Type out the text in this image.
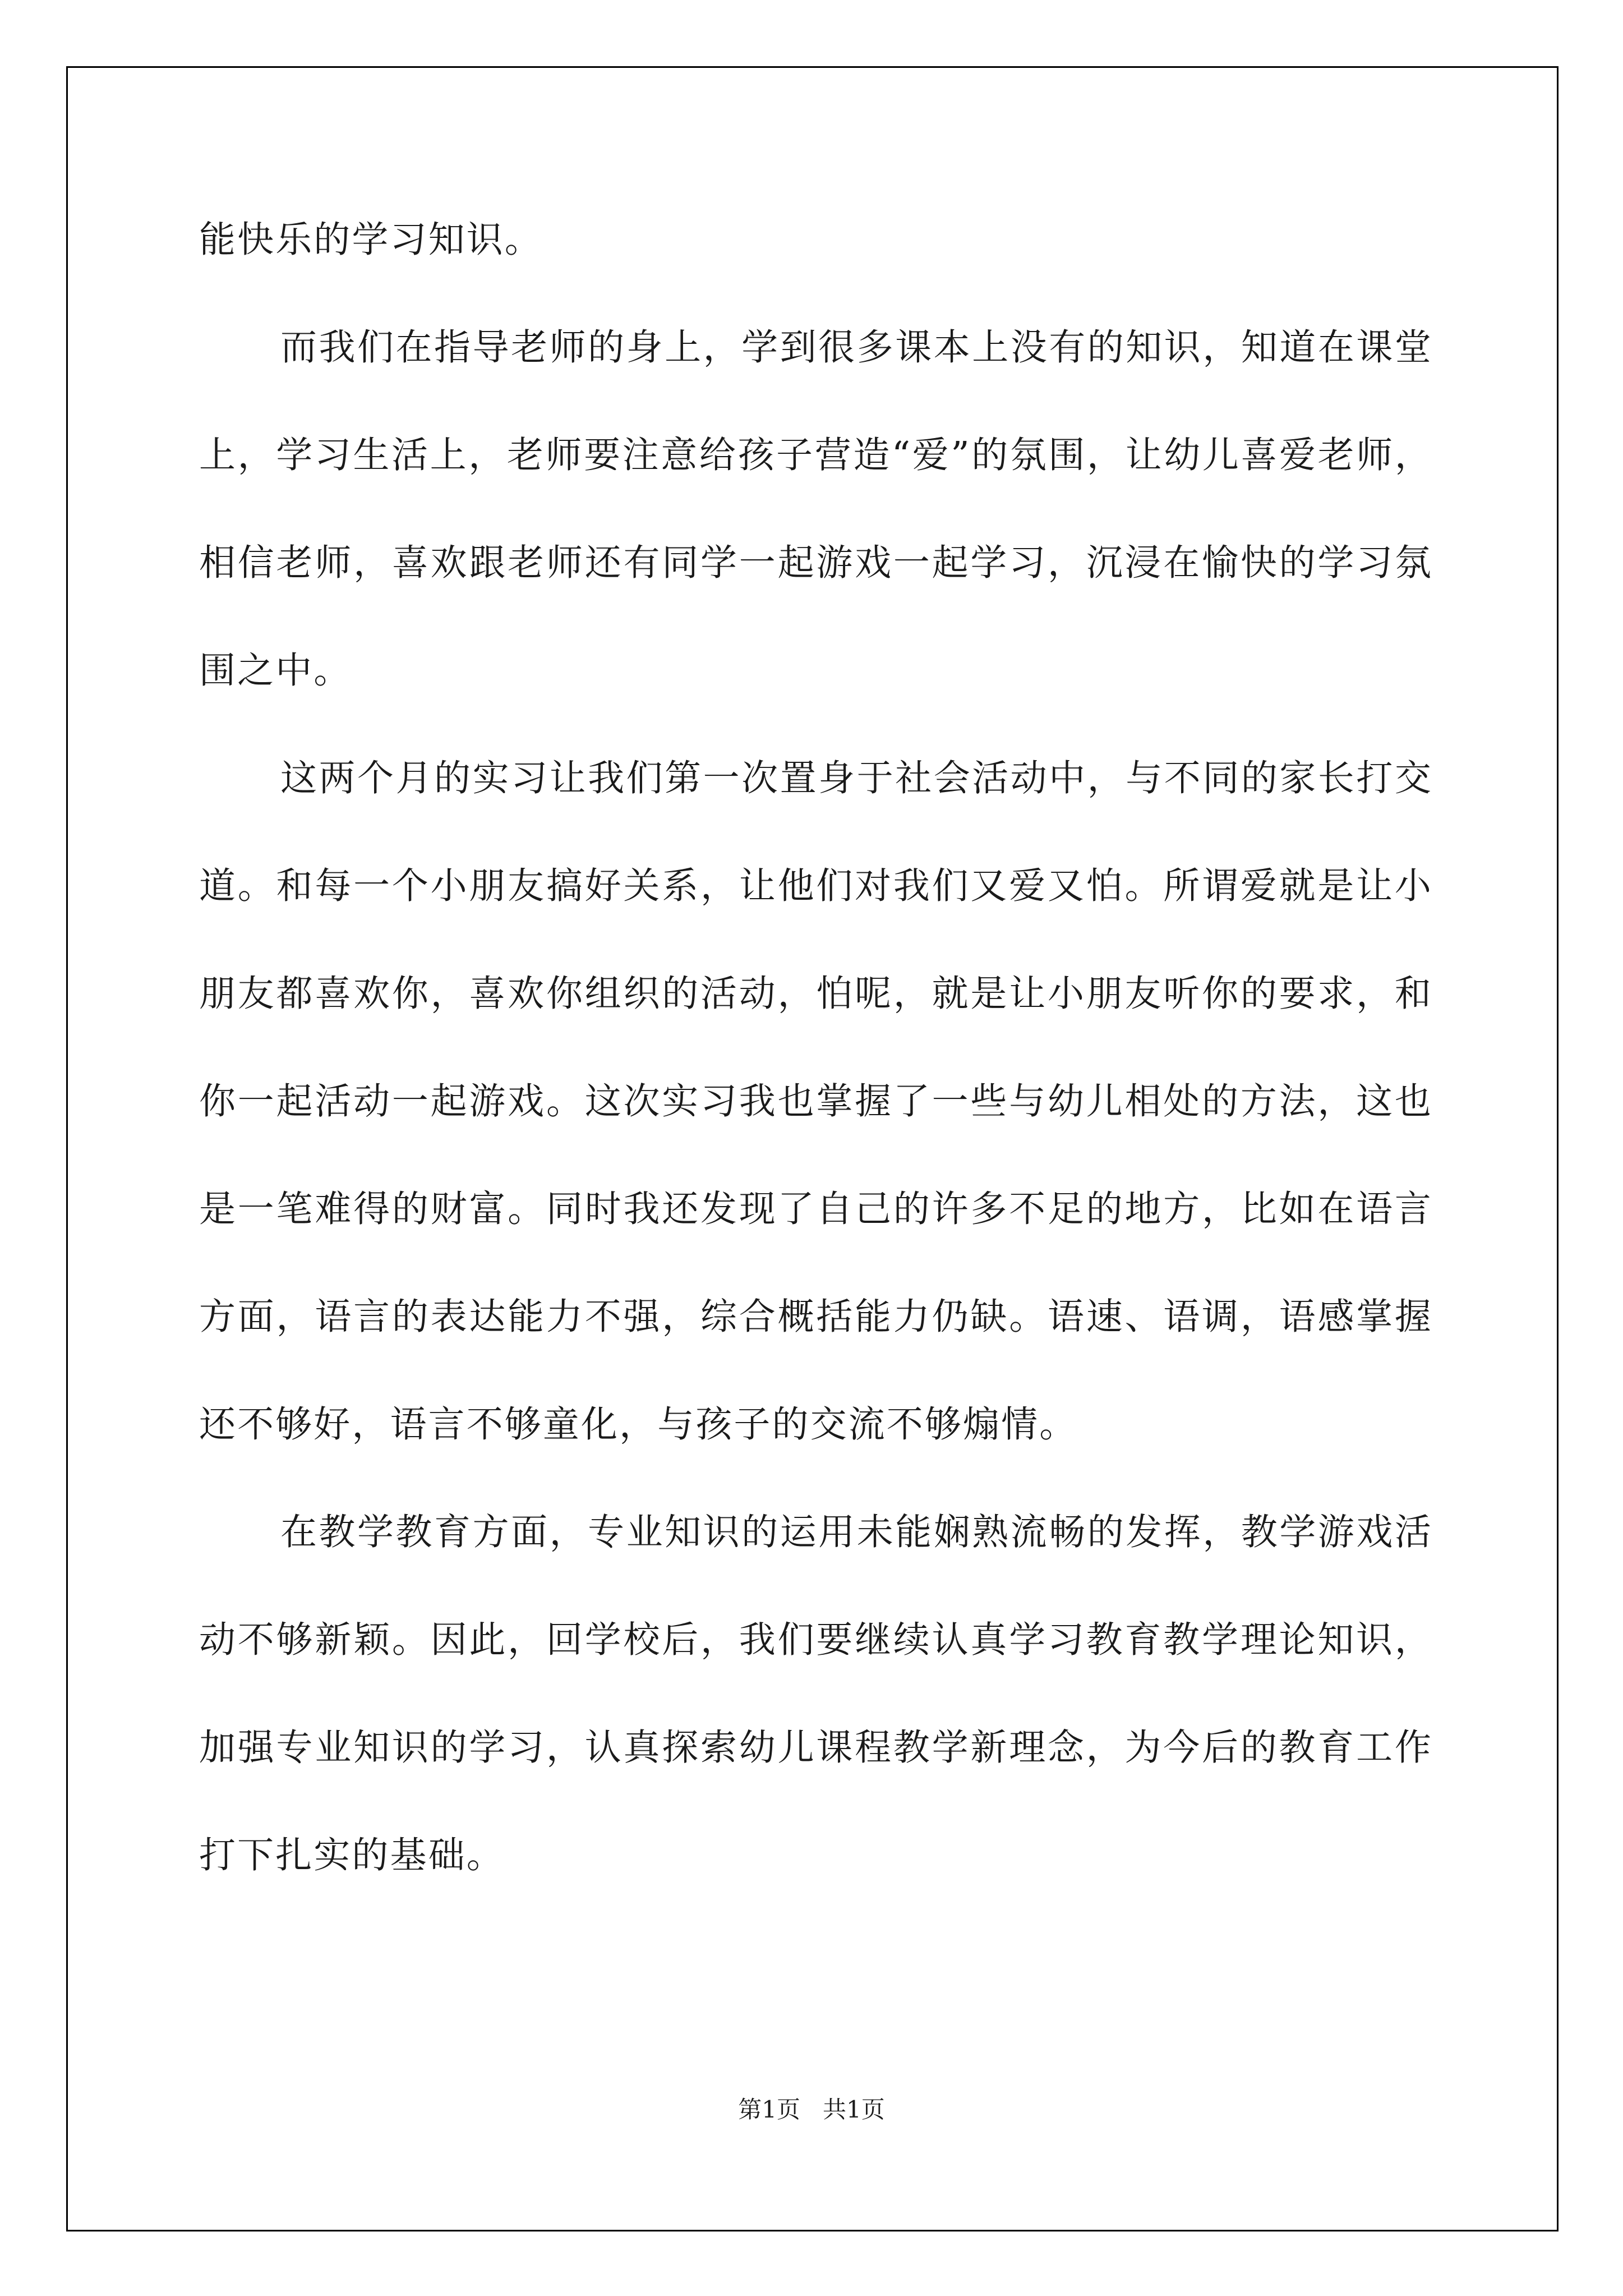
能快乐的学习知识。

而我们在指导老师的身上，学到很多课本上没有的知识，知道在课堂上，学习生活上，老师要注意给孩子营造“爱”的氛围，让幼儿喜爱老师，相信老师，喜欢跟老师还有同学一起游戏一起学习，沉浸在愉快的学习氛围之中。

这两个月的实习让我们第一次置身于社会活动中，与不同的家长打交道。和每一个小朋友搞好关系，让他们对我们又爱又怕。所谓爱就是让小朋友都喜欢你，喜欢你组织的活动，怕呢，就是让小朋友听你的要求，和你一起活动一起游戏。这次实习我也掌握了一些与幼儿相处的方法，这也是一笔难得的财富。同时我还发现了自己的许多不足的地方，比如在语言方面，语言的表达能力不强，综合概括能力仍缺。语速、语调，语感掌握还不够好，语言不够童化，与孩子的交流不够煽情。

在教学教育方面，专业知识的运用未能娴熟流畅的发挥，教学游戏活动不够新颖。因此，回学校后，我们要继续认真学习教育教学理论知识，加强专业知识的学习，认真探索幼儿课程教学新理念，为今后的教育工作打下扎实的基础。

第1页 共1页
